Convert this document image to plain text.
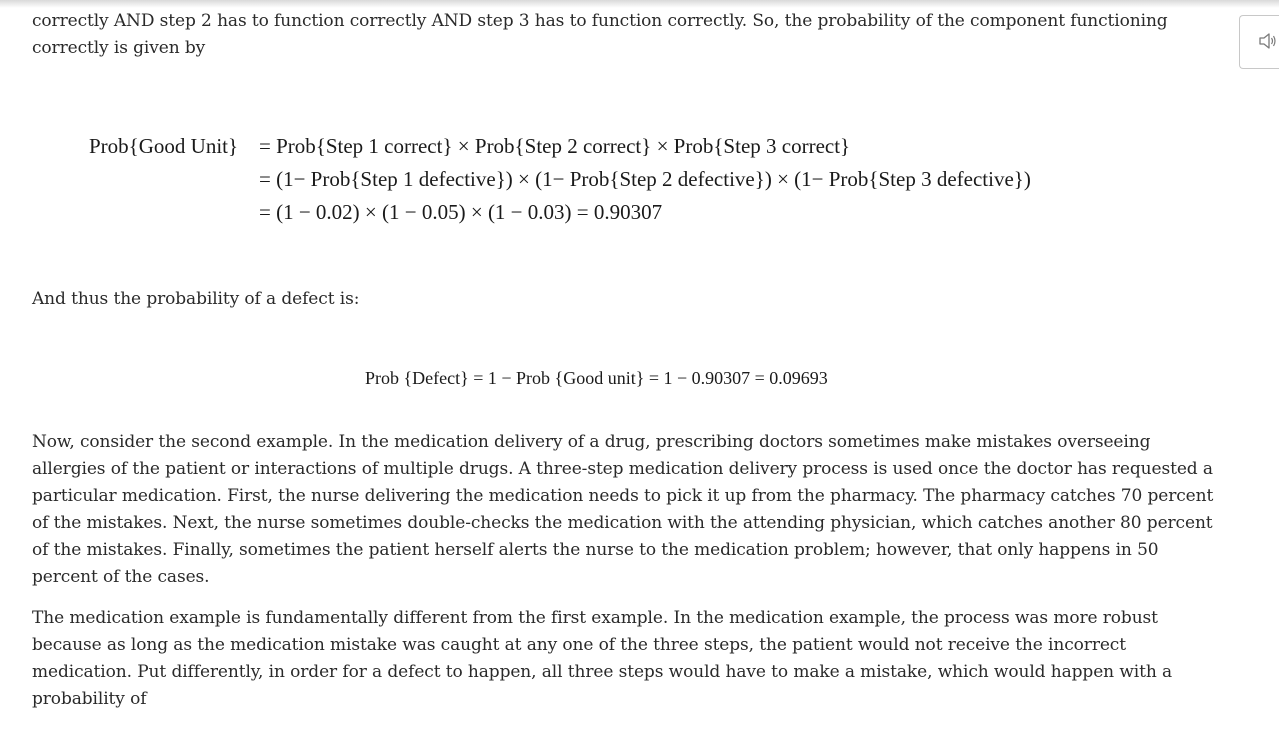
correctly AND step 2 has to function correctly AND step 3 has to function correctly. So, the probability of the component functioning
correctly is given by

Prob{Good Unit} = Prob{Step 1 correct} × Prob{Step 2 correct} × Prob{Step 3 correct}
= (1− Prob{Step 1 defective}) × (1− Prob{Step 2 defective}) × (1− Prob{Step 3 defective})
= (1 − 0.02) × (1 − 0.05) × (1 − 0.03) = 0.90307

And thus the probability of a defect is:

Prob {Defect} = 1 − Prob {Good unit} = 1 − 0.90307 = 0.09693

Now, consider the second example. In the medication delivery of a drug, prescribing doctors sometimes make mistakes overseeing
allergies of the patient or interactions of multiple drugs. A three-step medication delivery process is used once the doctor has requested a
particular medication. First, the nurse delivering the medication needs to pick it up from the pharmacy. The pharmacy catches 70 percent
of the mistakes. Next, the nurse sometimes double-checks the medication with the attending physician, which catches another 80 percent
of the mistakes. Finally, sometimes the patient herself alerts the nurse to the medication problem; however, that only happens in 50
percent of the cases.

The medication example is fundamentally different from the first example. In the medication example, the process was more robust
because as long as the medication mistake was caught at any one of the three steps, the patient would not receive the incorrect
medication. Put differently, in order for a defect to happen, all three steps would have to make a mistake, which would happen with a
probability of
